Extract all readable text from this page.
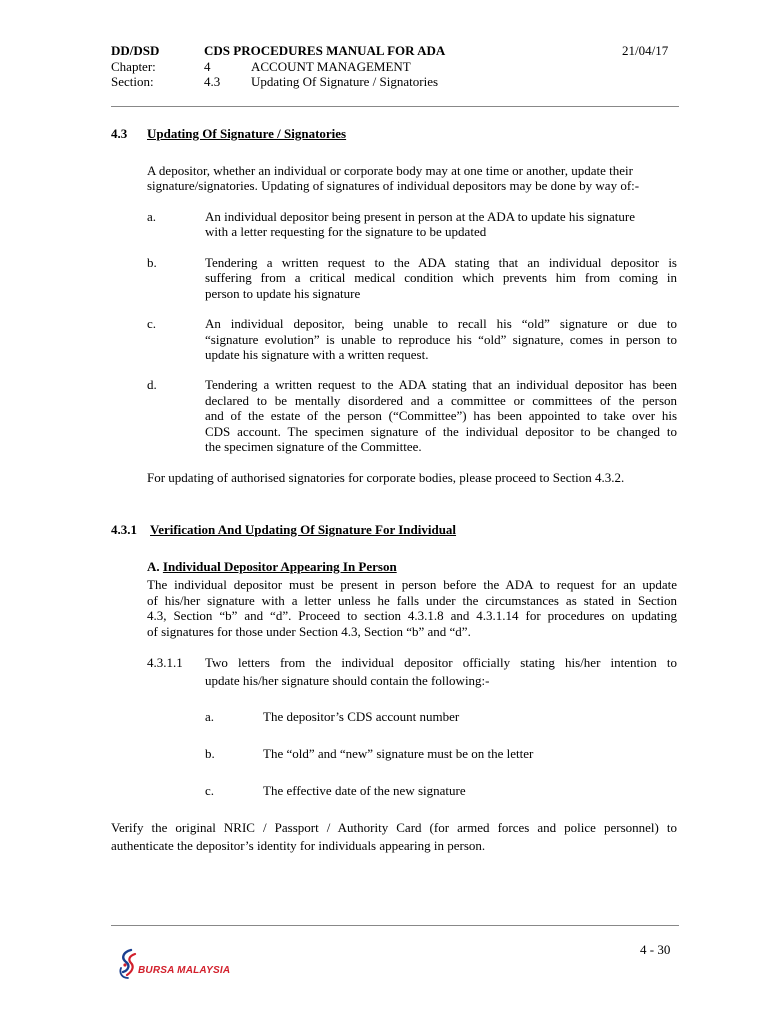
DD/DSD	CDS PROCEDURES MANUAL FOR ADA	21/04/17
Chapter:	4	ACCOUNT MANAGEMENT
Section:	4.3 Updating Of Signature / Signatories
4.3 Updating Of Signature / Signatories
A depositor, whether an individual or corporate body may at one time or another, update their
signature/signatories. Updating of signatures of individual depositors may be done by way of:-
a.	An individual depositor being present in person at the ADA to update his signature
with a letter requesting for the signature to be updated
b.	Tendering a written request to the ADA stating that an individual depositor is
suffering from a critical medical condition which prevents him from coming in
person to update his signature
c.	An individual depositor, being unable to recall his “old” signature or due to
“signature evolution” is unable to reproduce his “old” signature, comes in person to
update his signature with a written request.
d.	Tendering a written request to the ADA stating that an individual depositor has been
declared to be mentally disordered and a committee or committees of the person
and of the estate of the person (“Committee”) has been appointed to take over his
CDS account. The specimen signature of the individual depositor to be changed to
the specimen signature of the Committee.
For updating of authorised signatories for corporate bodies, please proceed to Section 4.3.2.
4.3.1 Verification And Updating Of Signature For Individual
A. Individual Depositor Appearing In Person
The individual depositor must be present in person before the ADA to request for an update
of his/her signature with a letter unless he falls under the circumstances as stated in Section
4.3, Section “b” and “d”. Proceed to section 4.3.1.8 and 4.3.1.14 for procedures on updating
of signatures for those under Section 4.3, Section “b” and “d”.
4.3.1.1 Two letters from the individual depositor officially stating his/her intention to
update his/her signature should contain the following:-
a.	The depositor’s CDS account number
b.	The “old” and “new” signature must be on the letter
c.	The effective date of the new signature
Verify the original NRIC / Passport / Authority Card (for armed forces and police personnel) to
authenticate the depositor’s identity for individuals appearing in person.
4 - 30
BURSA MALAYSIA
